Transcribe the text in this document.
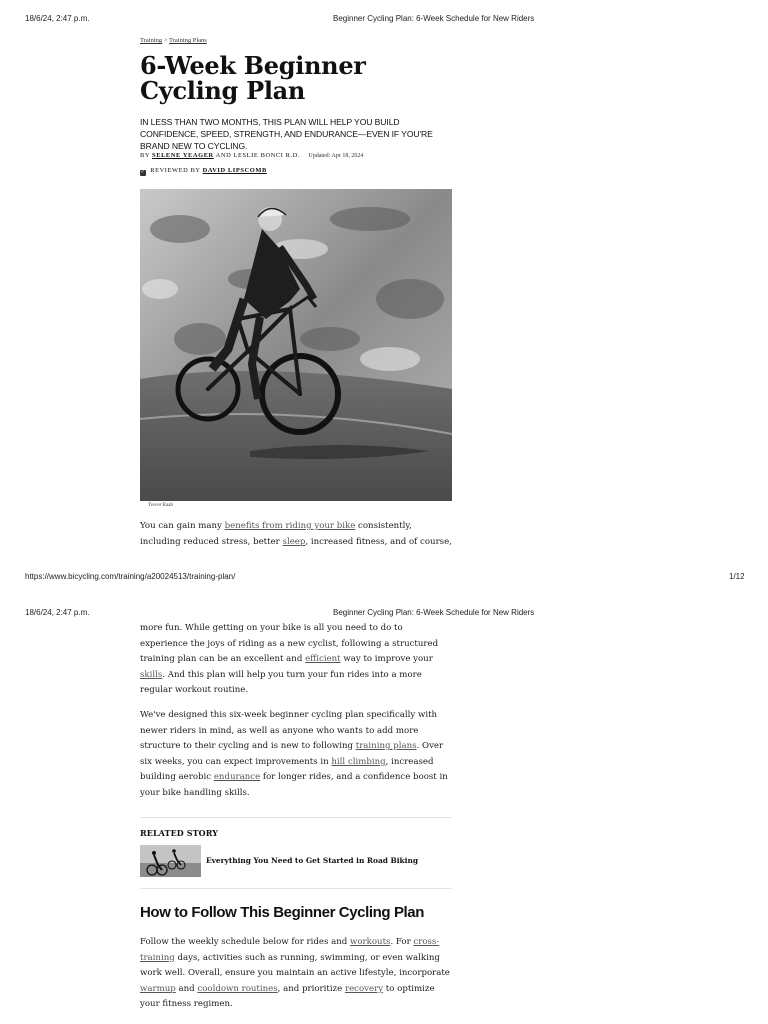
18/6/24, 2:47 p.m.	Beginner Cycling Plan: 6-Week Schedule for New Riders
Training > Training Plans
6-Week Beginner
Cycling Plan
IN LESS THAN TWO MONTHS, THIS PLAN WILL HELP YOU BUILD CONFIDENCE, SPEED, STRENGTH, AND ENDURANCE—EVEN IF YOU'RE BRAND NEW TO CYCLING.
BY SELENE YEAGER AND LESLIE BONCI R.D. Updated: Apr 18, 2024
✓ REVIEWED BY DAVID LIPSCOMB
Trevor Raab

You can gain many benefits from riding your bike consistently, including reduced stress, better sleep, increased fitness, and of course,

https://www.bicycling.com/training/a20024513/training-plan/	1/12
18/6/24, 2:47 p.m.	Beginner Cycling Plan: 6-Week Schedule for New Riders

more fun. While getting on your bike is all you need to do to experience the joys of riding as a new cyclist, following a structured training plan can be an excellent and efficient way to improve your skills. And this plan will help you turn your fun rides into a more regular workout routine.

We've designed this six-week beginner cycling plan specifically with newer riders in mind, as well as anyone who wants to add more structure to their cycling and is new to following training plans. Over six weeks, you can expect improvements in hill climbing, increased building aerobic endurance for longer rides, and a confidence boost in your bike handling skills.

RELATED STORY
Everything You Need to Get Started in Road Biking
How to Follow This Beginner Cycling Plan

Follow the weekly schedule below for rides and workouts. For cross-training days, activities such as running, swimming, or even walking work well. Overall, ensure you maintain an active lifestyle, incorporate warmup and cooldown routines, and prioritize recovery to optimize your fitness regimen.
